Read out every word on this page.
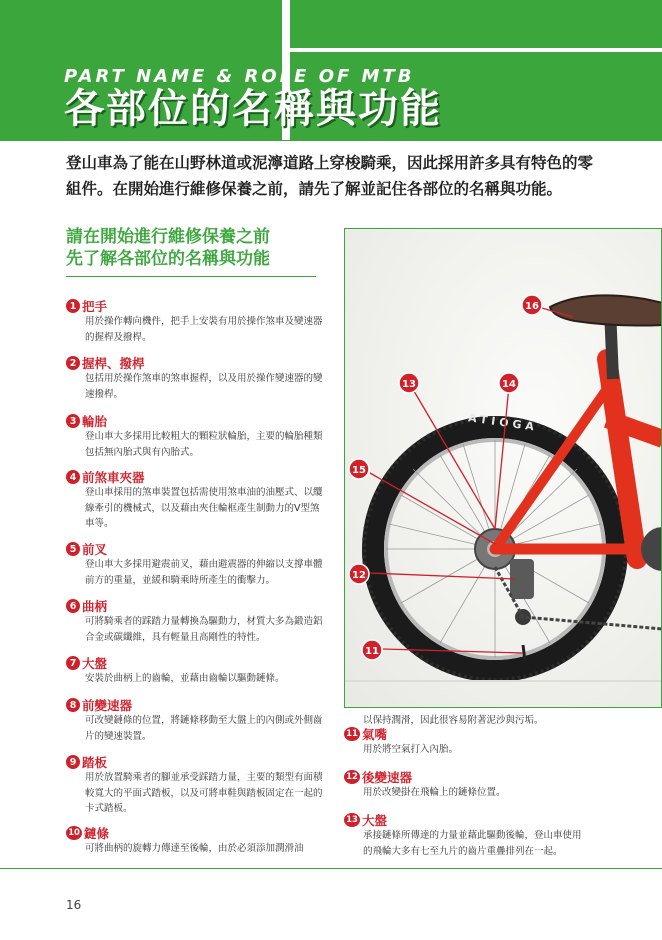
PART NAME & ROLE OF MTB
各部位的名稱與功能
登山車為了能在山野林道或泥濘道路上穿梭騎乘，因此採用許多具有特色的零組件。在開始進行維修保養之前，請先了解並記住各部位的名稱與功能。
請在開始進行維修保養之前
先了解各部位的名稱與功能
1 把手
用於操作轉向機件，把手上安裝有用於操作煞車及變速器的握桿及撥桿。
2 握桿、撥桿
包括用於操作煞車的煞車握桿，以及用於操作變速器的變速撥桿。
3 輪胎
登山車大多採用比較粗大的顆粒狀輪胎，主要的輪胎種類包括無內胎式與有內胎式。
4 前煞車夾器
登山車採用的煞車裝置包括需使用煞車油的油壓式、以纜線牽引的機械式，以及藉由夾住輪框產生制動力的V型煞車等。
5 前叉
登山車大多採用避震前叉，藉由避震器的伸縮以支撐車體前方的重量，並緩和騎乘時所產生的衝擊力。
6 曲柄
可將騎乘者的踩踏力量轉換為驅動力，材質大多為鍛造鋁合金或碳纖維，具有輕量且高剛性的特性。
7 大盤
安裝於曲柄上的齒輪，並藉由齒輪以驅動鏈條。
8 前變速器
可改變鏈條的位置，將鏈條移動至大盤上的內側或外側齒片的變速裝置。
9 踏板
用於放置騎乘者的腳並承受踩踏力量，主要的類型有面積較寬大的平面式踏板，以及可將車鞋與踏板固定在一起的卡式踏板。
10 鏈條
可將曲柄的旋轉力傳達至後輪，由於必須添加潤滑油
ATIOGA
16
13	14
15
12
11
以保持潤滑，因此很容易附著泥沙與污垢。
11 氣嘴
用於將空氣打入內胎。
12 後變速器
用於改變掛在飛輪上的鏈條位置。
13 大盤
承接鏈條所傳達的力量並藉此驅動後輪，登山車使用的飛輪大多有七至九片的齒片重疊排列在一起。
16
